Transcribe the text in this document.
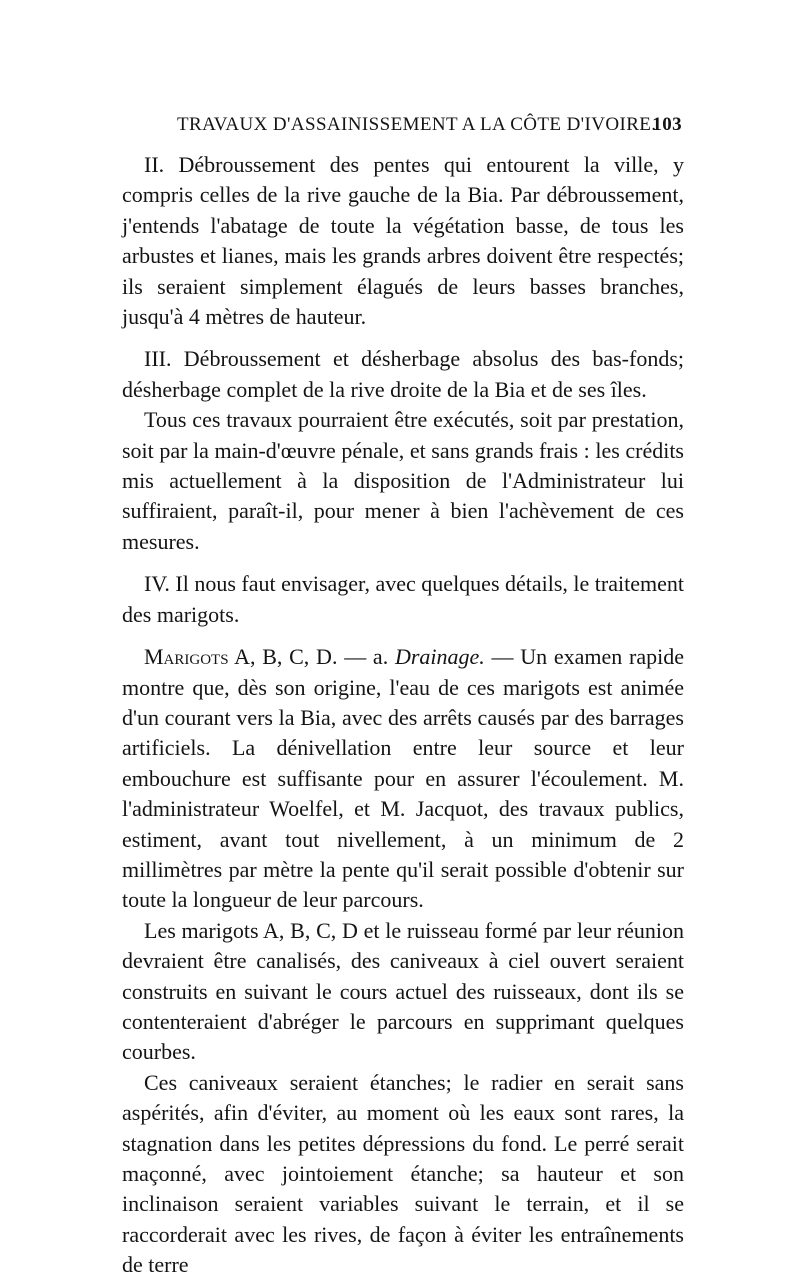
TRAVAUX D'ASSAINISSEMENT A LA CÔTE D'IVOIRE.
103

II. Débroussement des pentes qui entourent la ville, y compris celles de la rive gauche de la Bia. Par débroussement, j'entends l'abatage de toute la végétation basse, de tous les arbustes et lianes, mais les grands arbres doivent être respectés; ils seraient simplement élagués de leurs basses branches, jusqu'à 4 mètres de hauteur.

III. Débroussement et désherbage absolus des bas-fonds; désherbage complet de la rive droite de la Bia et de ses îles.

Tous ces travaux pourraient être exécutés, soit par prestation, soit par la main-d'œuvre pénale, et sans grands frais : les crédits mis actuellement à la disposition de l'Administrateur lui suffiraient, paraît-il, pour mener à bien l'achèvement de ces mesures.

IV. Il nous faut envisager, avec quelques détails, le traitement des marigots.

Marigots A, B, C, D. — a. Drainage. — Un examen rapide montre que, dès son origine, l'eau de ces marigots est animée d'un courant vers la Bia, avec des arrêts causés par des barrages artificiels. La dénivellation entre leur source et leur embouchure est suffisante pour en assurer l'écoulement. M. l'administrateur Woelfel, et M. Jacquot, des travaux publics, estiment, avant tout nivellement, à un minimum de 2 millimètres par mètre la pente qu'il serait possible d'obtenir sur toute la longueur de leur parcours.

Les marigots A, B, C, D et le ruisseau formé par leur réunion devraient être canalisés, des caniveaux à ciel ouvert seraient construits en suivant le cours actuel des ruisseaux, dont ils se contenteraient d'abréger le parcours en supprimant quelques courbes.

Ces caniveaux seraient étanches; le radier en serait sans aspérités, afin d'éviter, au moment où les eaux sont rares, la stagnation dans les petites dépressions du fond. Le perré serait maçonné, avec jointoiement étanche; sa hauteur et son inclinaison seraient variables suivant le terrain, et il se raccorderait avec les rives, de façon à éviter les entraînements de terre
